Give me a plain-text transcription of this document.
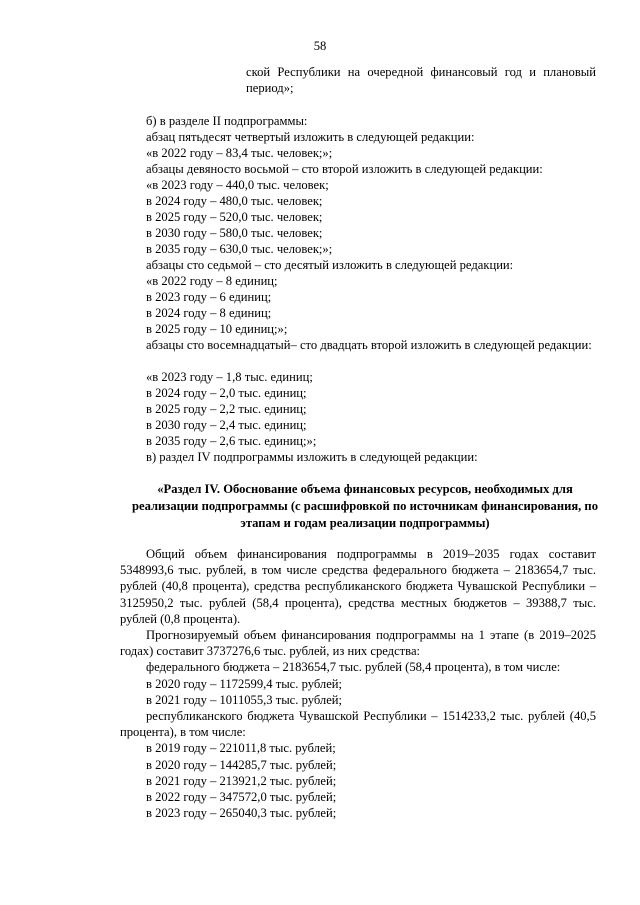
58
ской Республики на очередной финансовый год и плановый период»;
б) в разделе II подпрограммы:
абзац пятьдесят четвертый изложить в следующей редакции:
«в 2022 году – 83,4 тыс. человек;»;
абзацы девяносто восьмой – сто второй изложить в следующей редакции:
«в 2023 году – 440,0 тыс. человек;
в 2024 году – 480,0 тыс. человек;
в 2025 году – 520,0 тыс. человек;
в 2030 году – 580,0 тыс. человек;
в 2035 году – 630,0 тыс. человек;»;
абзацы сто седьмой – сто десятый изложить в следующей редакции:
«в 2022 году – 8 единиц;
в 2023 году – 6 единиц;
в 2024 году – 8 единиц;
в 2025 году – 10 единиц;»;

абзацы сто восемнадцатый– сто двадцать второй изложить в следующей редакции:

«в 2023 году – 1,8 тыс. единиц;
в 2024 году – 2,0 тыс. единиц;
в 2025 году – 2,2 тыс. единиц;
в 2030 году – 2,4 тыс. единиц;
в 2035 году – 2,6 тыс. единиц;»;
в) раздел IV подпрограммы изложить в следующей редакции:
«Раздел IV. Обоснование объема финансовых ресурсов, необходимых для реализации подпрограммы (с расшифровкой по источникам финансирования, по этапам и годам реализации подпрограммы)

Общий объем финансирования подпрограммы в 2019–2035 годах составит 5348993,6 тыс. рублей, в том числе средства федерального бюджета – 2183654,7 тыс. рублей (40,8 процента), средства республиканского бюджета Чувашской Республики – 3125950,2 тыс. рублей (58,4 процента), средства местных бюджетов – 39388,7 тыс. рублей (0,8 процента).

Прогнозируемый объем финансирования подпрограммы на 1 этапе (в 2019–2025 годах) составит 3737276,6 тыс. рублей, из них средства:

федерального бюджета – 2183654,7 тыс. рублей (58,4 процента), в том числе:

в 2020 году – 1172599,4 тыс. рублей;

в 2021 году – 1011055,3 тыс. рублей;

республиканского бюджета Чувашской Республики – 1514233,2 тыс. рублей (40,5 процента), в том числе:

в 2019 году – 221011,8 тыс. рублей;

в 2020 году – 144285,7 тыс. рублей;

в 2021 году – 213921,2 тыс. рублей;

в 2022 году – 347572,0 тыс. рублей;

в 2023 году – 265040,3 тыс. рублей;
